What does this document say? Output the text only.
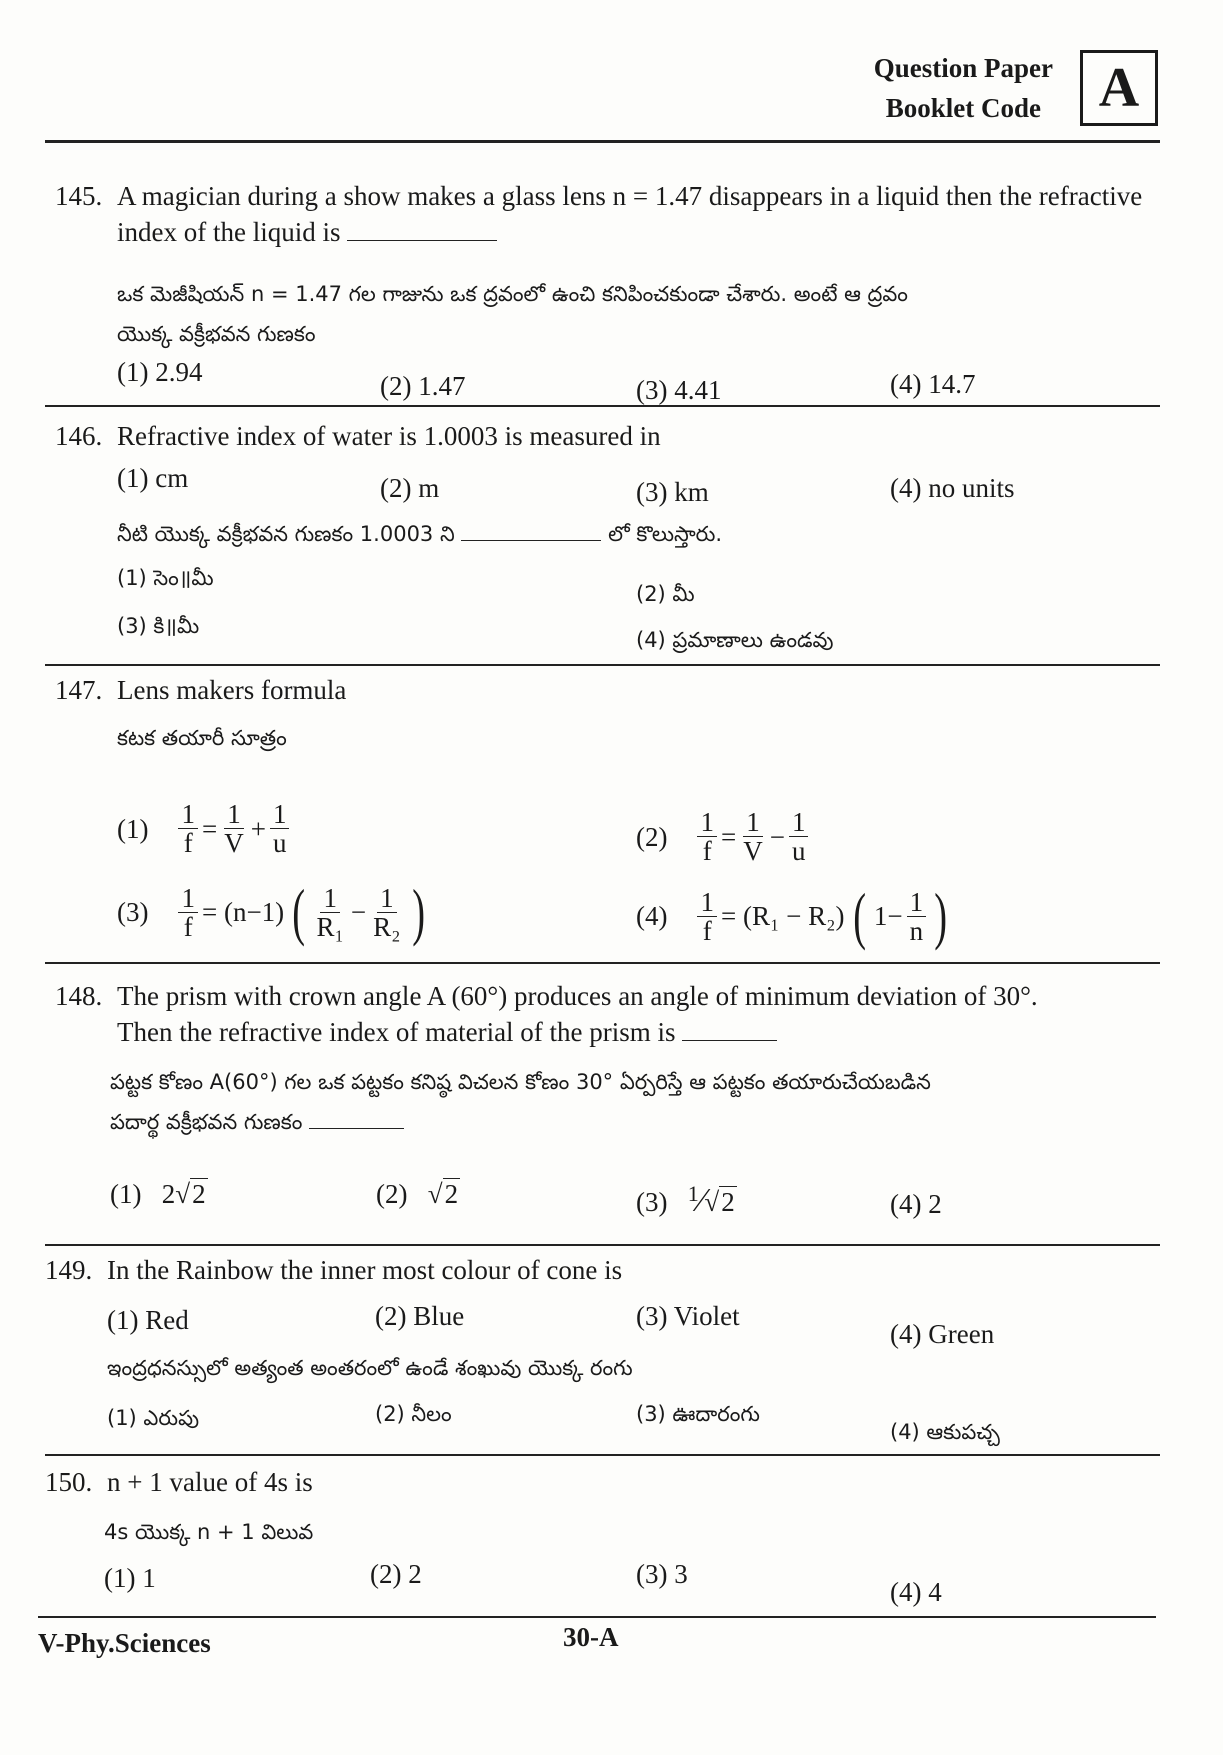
Question Paper
Booklet Code	A
145. A magician during a show makes a glass lens n = 1.47 disappears in a liquid then the refractive
index of the liquid is
ఒక మెజీషియన్ n = 1.47 గల గాజును ఒక ద్రవంలో ఉంచి కనిపించకుండా చేశారు. అంటే ఆ ద్రవం
యొక్క వక్రీభవన గుణకం
(1) 2.94	(2) 1.47	(3) 4.41	(4) 14.7
146. Refractive index of water is 1.0003 is measured in
(1) cm	(2) m	(3) km	(4) no units
నీటి యొక్క వక్రీభవన గుణకం 1.0003 ని	లో కొలుస్తారు.
(1) సెం॥మీ
(2) మీ
(3) కి॥మీ
(4) ప్రమాణాలు ఉండవు
147. Lens makers formula
కటక తయారీ సూత్రం
$(1) \frac{1}{f} = \frac{1}{V} + \frac{1}{u}$	$(2) \frac{1}{f} = \frac{1}{V} - \frac{1}{u}$
$(3) \frac{1}{f} = (n-1)$ ( $\frac{1}{\text{R₁}} - \frac{1}{\text{R₂}}$ )	$(4) \frac{1}{f} = (R_1 - R_2)$ ( $1- \frac{1}{n}$ )
148. The prism with crown angle A (60°) produces an angle of minimum deviation of 30°.
Then the refractive index of material of the prism is
పట్టక కోణం A(60°) గల ఒక పట్టకం కనిష్ఠ విచలన కోణం 30° ఏర్పరిస్తే ఆ పట్టకం తయారుచేయబడిన
పదార్థ వక్రీభవన గుణకం
(1) 2√2	(2) √2	(3) $^1$⁄√2	(4) 2
149. In the Rainbow the inner most colour of cone is
(1) Red	(2) Blue	(3) Violet
(4) Green
ఇంద్రధనస్సులో అత్యంత అంతరంలో ఉండే శంఖువు యొక్క రంగు
(1) ఎరుపు	(2) నీలం	(3) ఊదారంగు
(4) ఆకుపచ్చ
150. n + 1 value of 4s is
4s యొక్క n + 1 విలువ
(1) 1	(2) 2	(3) 3
(4) 4
V-Phy.Sciences	30-A
